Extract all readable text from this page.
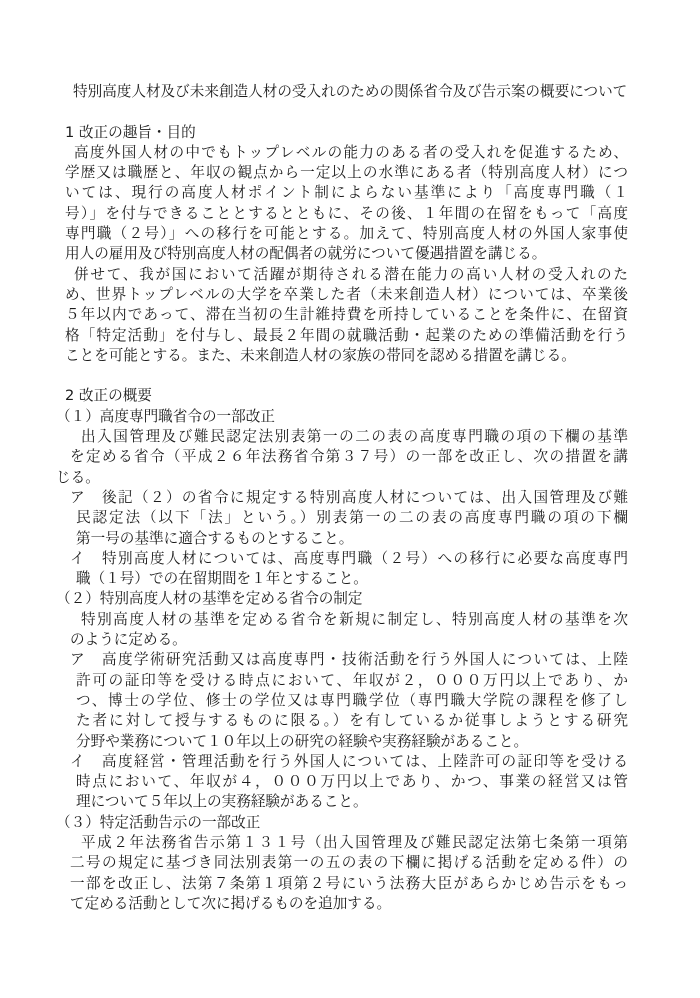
特別高度人材及び未来創造人材の受入れのための関係省令及び告示案の概要について

1 改正の趣旨・目的
高度外国人材の中でもトップレベルの能力のある者の受入れを促進するため、
学歴又は職歴と、年収の観点から一定以上の水準にある者（特別高度人材）につ
いては、現行の高度人材ポイント制によらない基準により「高度専門職（１
号）」を付与できることとするとともに、その後、１年間の在留をもって「高度
専門職（２号）」への移行を可能とする。加えて、特別高度人材の外国人家事使
用人の雇用及び特別高度人材の配偶者の就労について優遇措置を講じる。
併せて、我が国において活躍が期待される潜在能力の高い人材の受入れのた
め、世界トップレベルの大学を卒業した者（未来創造人材）については、卒業後
５年以内であって、滞在当初の生計維持費を所持していることを条件に、在留資
格「特定活動」を付与し、最長２年間の就職活動・起業のための準備活動を行う
ことを可能とする。また、未来創造人材の家族の帯同を認める措置を講じる。

2 改正の概要
（１）高度専門職省令の一部改正
出入国管理及び難民認定法別表第一の二の表の高度専門職の項の下欄の基準
を定める省令（平成２６年法務省令第３７号）の一部を改正し、次の措置を講
じる。
ア　後記（２）の省令に規定する特別高度人材については、出入国管理及び難
民認定法（以下「法」という。）別表第一の二の表の高度専門職の項の下欄
第一号の基準に適合するものとすること。
イ　特別高度人材については、高度専門職（２号）への移行に必要な高度専門
職（１号）での在留期間を１年とすること。
（２）特別高度人材の基準を定める省令の制定
特別高度人材の基準を定める省令を新規に制定し、特別高度人材の基準を次
のように定める。
ア　高度学術研究活動又は高度専門・技術活動を行う外国人については、上陸
許可の証印等を受ける時点において、年収が２，０００万円以上であり、か
つ、博士の学位、修士の学位又は専門職学位（専門職大学院の課程を修了し
た者に対して授与するものに限る。）を有しているか従事しようとする研究
分野や業務について１０年以上の研究の経験や実務経験があること。
イ　高度経営・管理活動を行う外国人については、上陸許可の証印等を受ける
時点において、年収が４，０００万円以上であり、かつ、事業の経営又は管
理について５年以上の実務経験があること。
（３）特定活動告示の一部改正
平成２年法務省告示第１３１号（出入国管理及び難民認定法第七条第一項第
二号の規定に基づき同法別表第一の五の表の下欄に掲げる活動を定める件）の
一部を改正し、法第７条第１項第２号にいう法務大臣があらかじめ告示をもっ
て定める活動として次に掲げるものを追加する。
